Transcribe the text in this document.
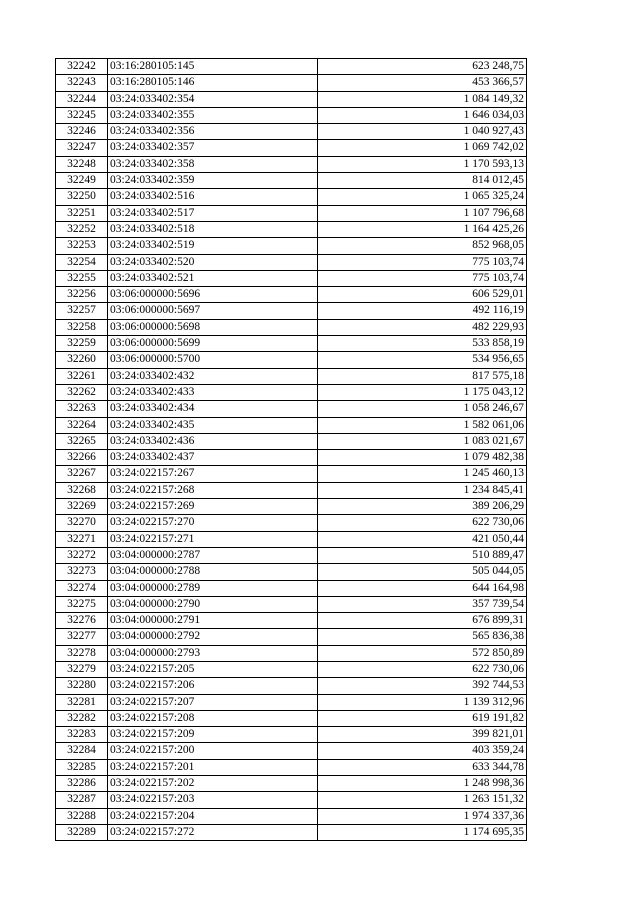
32242	03:16:280105:145	623 248,75
32243	03:16:280105:146	453 366,57
32244	03:24:033402:354	1 084 149,32
32245	03:24:033402:355	1 646 034,03
32246	03:24:033402:356	1 040 927,43
32247	03:24:033402:357	1 069 742,02
32248	03:24:033402:358	1 170 593,13
32249	03:24:033402:359	814 012,45
32250	03:24:033402:516	1 065 325,24
32251	03:24:033402:517	1 107 796,68
32252	03:24:033402:518	1 164 425,26
32253	03:24:033402:519	852 968,05
32254	03:24:033402:520	775 103,74
32255	03:24:033402:521	775 103,74
32256	03:06:000000:5696	606 529,01
32257	03:06:000000:5697	492 116,19
32258	03:06:000000:5698	482 229,93
32259	03:06:000000:5699	533 858,19
32260	03:06:000000:5700	534 956,65
32261	03:24:033402:432	817 575,18
32262	03:24:033402:433	1 175 043,12
32263	03:24:033402:434	1 058 246,67
32264	03:24:033402:435	1 582 061,06
32265	03:24:033402:436	1 083 021,67
32266	03:24:033402:437	1 079 482,38
32267	03:24:022157:267	1 245 460,13
32268	03:24:022157:268	1 234 845,41
32269	03:24:022157:269	389 206,29
32270	03:24:022157:270	622 730,06
32271	03:24:022157:271	421 050,44
32272	03:04:000000:2787	510 889,47
32273	03:04:000000:2788	505 044,05
32274	03:04:000000:2789	644 164,98
32275	03:04:000000:2790	357 739,54
32276	03:04:000000:2791	676 899,31
32277	03:04:000000:2792	565 836,38
32278	03:04:000000:2793	572 850,89
32279	03:24:022157:205	622 730,06
32280	03:24:022157:206	392 744,53
32281	03:24:022157:207	1 139 312,96
32282	03:24:022157:208	619 191,82
32283	03:24:022157:209	399 821,01
32284	03:24:022157:200	403 359,24
32285	03:24:022157:201	633 344,78
32286	03:24:022157:202	1 248 998,36
32287	03:24:022157:203	1 263 151,32
32288	03:24:022157:204	1 974 337,36
32289	03:24:022157:272	1 174 695,35
